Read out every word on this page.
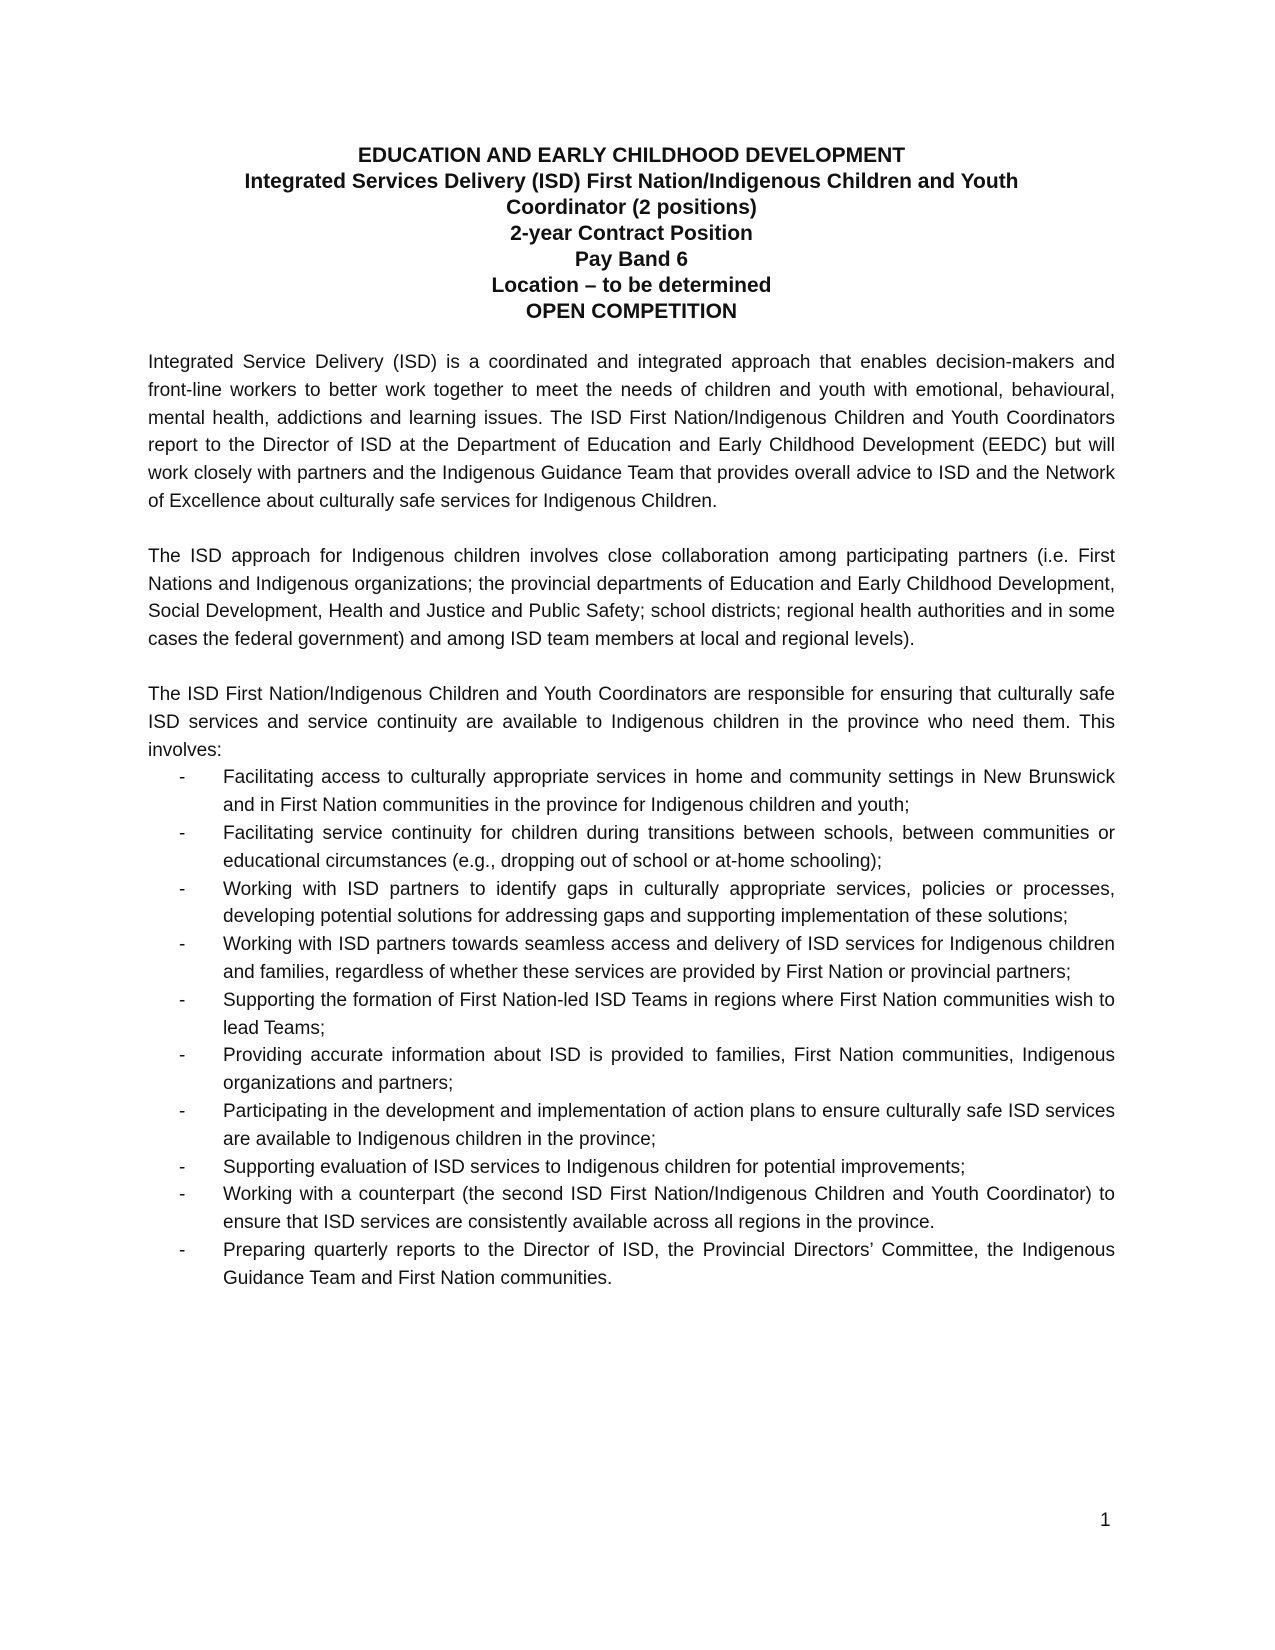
EDUCATION AND EARLY CHILDHOOD DEVELOPMENT
Integrated Services Delivery (ISD) First Nation/Indigenous Children and Youth
Coordinator (2 positions)
2-year Contract Position
Pay Band 6
Location – to be determined
OPEN COMPETITION

Integrated Service Delivery (ISD) is a coordinated and integrated approach that enables decision-makers and front-line workers to better work together to meet the needs of children and youth with emotional, behavioural, mental health, addictions and learning issues. The ISD First Nation/Indigenous Children and Youth Coordinators report to the Director of ISD at the Department of Education and Early Childhood Development (EEDC) but will work closely with partners and the Indigenous Guidance Team that provides overall advice to ISD and the Network of Excellence about culturally safe services for Indigenous Children.

The ISD approach for Indigenous children involves close collaboration among participating partners (i.e. First Nations and Indigenous organizations; the provincial departments of Education and Early Childhood Development, Social Development, Health and Justice and Public Safety; school districts; regional health authorities and in some cases the federal government) and among ISD team members at local and regional levels).

The ISD First Nation/Indigenous Children and Youth Coordinators are responsible for ensuring that culturally safe ISD services and service continuity are available to Indigenous children in the province who need them. This involves:

- Facilitating access to culturally appropriate services in home and community settings in New Brunswick and in First Nation communities in the province for Indigenous children and youth;
- Facilitating service continuity for children during transitions between schools, between communities or educational circumstances (e.g., dropping out of school or at-home schooling);
- Working with ISD partners to identify gaps in culturally appropriate services, policies or processes, developing potential solutions for addressing gaps and supporting implementation of these solutions;
- Working with ISD partners towards seamless access and delivery of ISD services for Indigenous children and families, regardless of whether these services are provided by First Nation or provincial partners;
- Supporting the formation of First Nation-led ISD Teams in regions where First Nation communities wish to lead Teams;
- Providing accurate information about ISD is provided to families, First Nation communities, Indigenous organizations and partners;
- Participating in the development and implementation of action plans to ensure culturally safe ISD services are available to Indigenous children in the province;
- Supporting evaluation of ISD services to Indigenous children for potential improvements;
- Working with a counterpart (the second ISD First Nation/Indigenous Children and Youth Coordinator) to ensure that ISD services are consistently available across all regions in the province.
- Preparing quarterly reports to the Director of ISD, the Provincial Directors’ Committee, the Indigenous Guidance Team and First Nation communities.
1
